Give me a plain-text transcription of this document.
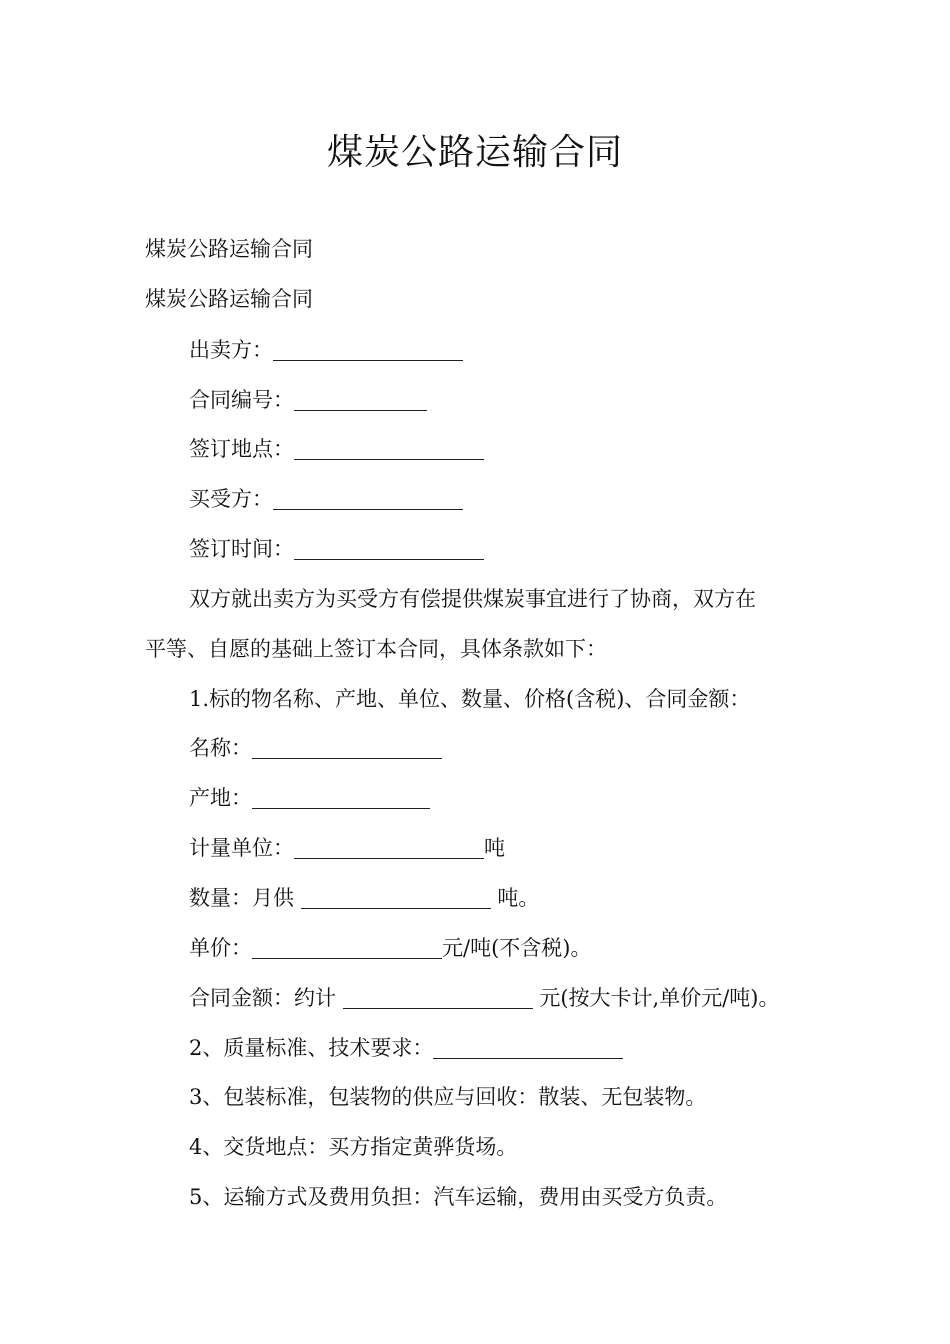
煤炭公路运输合同
煤炭公路运输合同
煤炭公路运输合同
出卖方：
合同编号：
签订地点：
买受方：
签订时间：
双方就出卖方为买受方有偿提供煤炭事宜进行了协商，双方在
平等、自愿的基础上签订本合同，具体条款如下：
1.标的物名称、产地、单位、数量、价格(含税)、合同金额：
名称：
产地：
计量单位：	吨
数量：月供	吨。
单价：	元/吨(不含税)。
合同金额：约计	元(按大卡计,单价元/吨)。
2、质量标准、技术要求：
3、包装标准，包装物的供应与回收：散装、无包装物。
4、交货地点：买方指定黄骅货场。
5、运输方式及费用负担：汽车运输，费用由买受方负责。
